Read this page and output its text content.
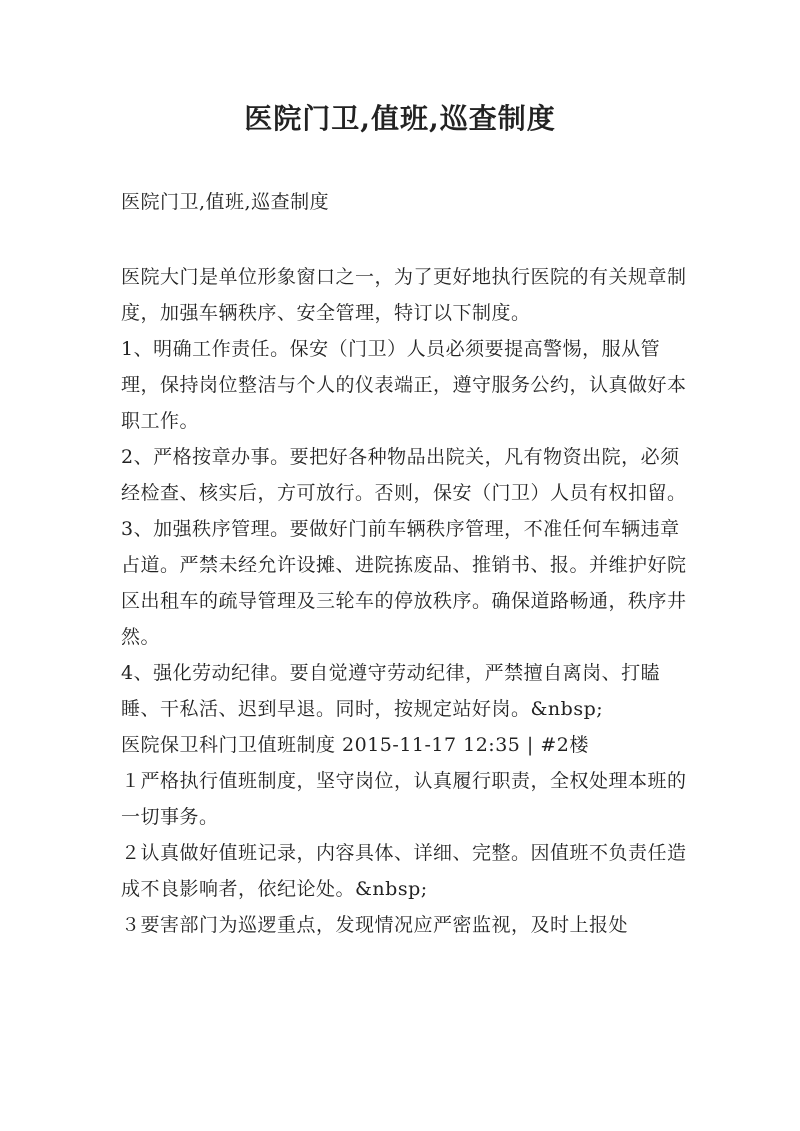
医院门卫,值班,巡查制度
医院门卫,值班,巡查制度

医院大门是单位形象窗口之一，为了更好地执行医院的有关规章制度，加强车辆秩序、安全管理，特订以下制度。

1、明确工作责任。保安（门卫）人员必须要提高警惕，服从管理，保持岗位整洁与个人的仪表端正，遵守服务公约，认真做好本职工作。

2、严格按章办事。要把好各种物品出院关，凡有物资出院，必须经检查、核实后，方可放行。否则，保安（门卫）人员有权扣留。

3、加强秩序管理。要做好门前车辆秩序管理，不准任何车辆违章占道。严禁未经允许设摊、进院拣废品、推销书、报。并维护好院区出租车的疏导管理及三轮车的停放秩序。确保道路畅通，秩序井然。

4、强化劳动纪律。要自觉遵守劳动纪律，严禁擅自离岗、打瞌睡、干私活、迟到早退。同时，按规定站好岗。&nbsp;

医院保卫科门卫值班制度 2015-11-17 12:35 | #2楼

１严格执行值班制度，坚守岗位，认真履行职责，全权处理本班的一切事务。

２认真做好值班记录，内容具体、详细、完整。因值班不负责任造成不良影响者，依纪论处。&nbsp;

３要害部门为巡逻重点，发现情况应严密监视，及时上报处
